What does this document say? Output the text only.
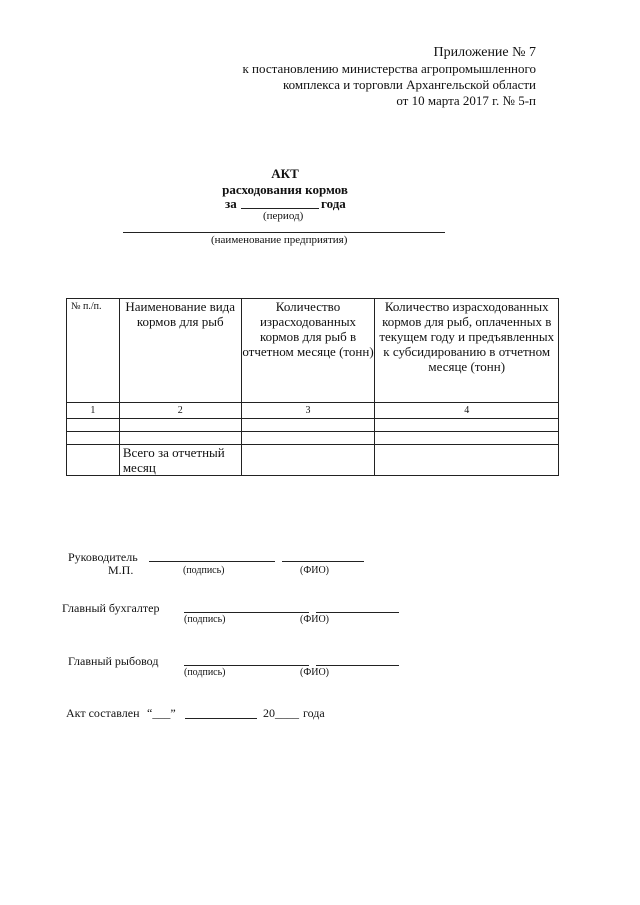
Приложение № 7
к постановлению министерства агропромышленного
комплекса и торговли Архангельской области
от 10 марта 2017 г. № 5-п
АКТ
расходования кормов
за	года
(период)
(наименование предприятия)
№ п./п.	Наименование вида кормов для рыб	Количество израсходованных кормов для рыб в отчетном месяце (тонн)	Количество израсходованных кормов для рыб, оплаченных в текущем году и предъявленных к субсидированию в отчетном месяце (тонн)
1	2	3	4

	Всего за отчетный месяц		
Руководитель
М.П.	(подпись)	(ФИО)
Главный бухгалтер
(подпись)	(ФИО)
Главный рыбовод
(подпись)	(ФИО)
Акт составлен “___”	20____ года
